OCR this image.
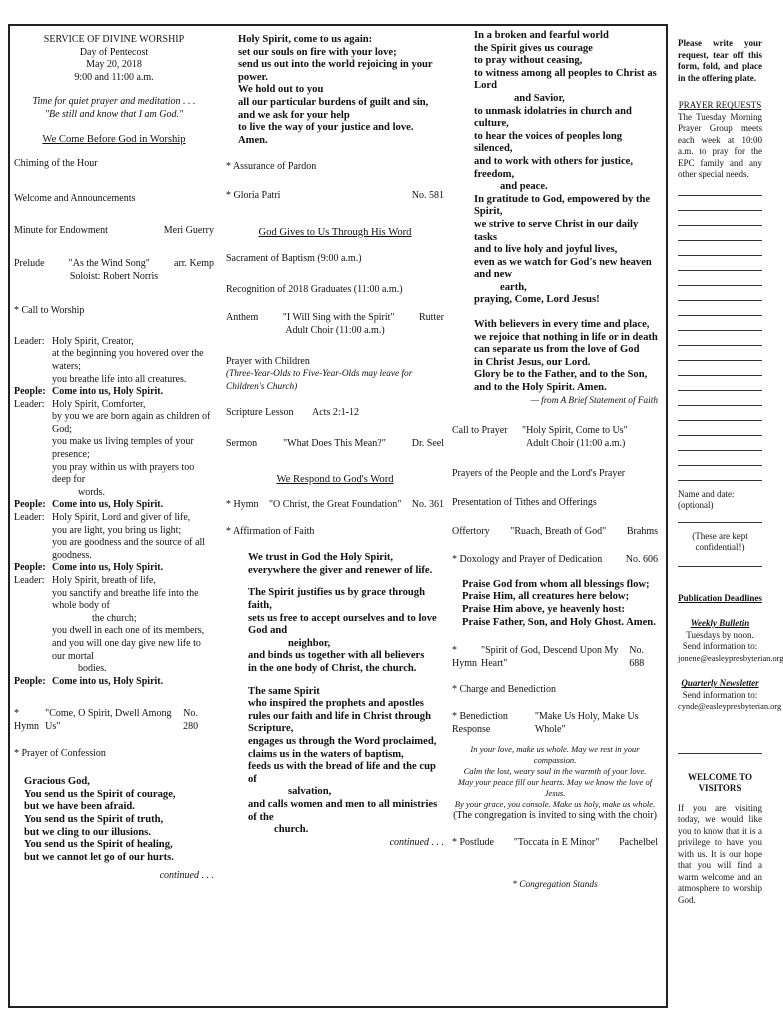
SERVICE OF DIVINE WORSHIP
Day of Pentecost
May 20, 2018
9:00 and 11:00 a.m.
Time for quiet prayer and meditation . . .
"Be still and know that I am God."
We Come Before God in Worship
Chiming of the Hour
Welcome and Announcements
Minute for Endowment	Meri Guerry
Prelude "As the Wind Song" arr. Kemp
Soloist: Robert Norris
* Call to Worship
Leader: Holy Spirit, Creator,
at the beginning you hovered over the waters;
you breathe life into all creatures.
People: Come into us, Holy Spirit.
Leader: Holy Spirit, Comforter,
by you we are born again as children of God;
you make us living temples of your presence;
you pray within us with prayers too deep for
words.
People: Come into us, Holy Spirit.
Leader: Holy Spirit, Lord and giver of life,
you are light, you bring us light;
you are goodness and the source of all goodness.
People: Come into us, Holy Spirit.
Leader: Holy Spirit, breath of life,
you sanctify and breathe life into the whole body of
the church;
you dwell in each one of its members,
and you will one day give new life to our mortal
bodies.
People: Come into us, Holy Spirit.
* Hymn
"Come, O Spirit, Dwell Among Us"
No. 280
* Prayer of Confession
Gracious God,
You send us the Spirit of courage,
but we have been afraid.
You send us the Spirit of truth,
but we cling to our illusions.
You send us the Spirit of healing,
but we cannot let go of our hurts.
continued . . .
Holy Spirit, come to us again:
set our souls on fire with your love;
send us out into the world rejoicing in your power.
We hold out to you
all our particular burdens of guilt and sin,
and we ask for your help
to live the way of your justice and love. Amen.
* Assurance of Pardon
* Gloria Patri	No. 581
God Gives to Us Through His Word
Sacrament of Baptism (9:00 a.m.)
Recognition of 2018 Graduates (11:00 a.m.)
Anthem "I Will Sing with the Spirit" Rutter
Adult Choir (11:00 a.m.)
Prayer with Children
(Three-Year-Olds to Five-Year-Olds may leave for Children's Church)
Scripture Lesson	Acts 2:1-12
Sermon	"What Does This Mean?"	Dr. Seel
We Respond to God's Word
* Hymn "O Christ, the Great Foundation" No. 361
* Affirmation of Faith
We trust in God the Holy Spirit,
everywhere the giver and renewer of life.
The Spirit justifies us by grace through faith,
sets us free to accept ourselves and to love God and
neighbor,
and binds us together with all believers
in the one body of Christ, the church.
The same Spirit
who inspired the prophets and apostles
rules our faith and life in Christ through Scripture,
engages us through the Word proclaimed,
claims us in the waters of baptism,
feeds us with the bread of life and the cup of
salvation,
and calls women and men to all ministries of the
church.
continued . . .
In a broken and fearful world
the Spirit gives us courage
to pray without ceasing,
to witness among all peoples to Christ as Lord
and Savior,
to unmask idolatries in church and culture,
to hear the voices of peoples long silenced,
and to work with others for justice, freedom,
and peace.
In gratitude to God, empowered by the Spirit,
we strive to serve Christ in our daily tasks
and to live holy and joyful lives,
even as we watch for God's new heaven and new
earth,
praying, Come, Lord Jesus!
With believers in every time and place,
we rejoice that nothing in life or in death
can separate us from the love of God
in Christ Jesus, our Lord.
Glory be to the Father, and to the Son,
and to the Holy Spirit. Amen.
— from A Brief Statement of Faith
Call to Prayer	"Holy Spirit, Come to Us"
Adult Choir (11:00 a.m.)
Prayers of the People and the Lord's Prayer
Presentation of Tithes and Offerings
Offertory "Ruach, Breath of God" Brahms
* Doxology and Prayer of Dedication No. 606
Praise God from whom all blessings flow;
Praise Him, all creatures here below;
Praise Him above, ye heavenly host:
Praise Father, Son, and Holy Ghost. Amen.
* Hymn
"Spirit of God, Descend Upon My Heart"
No. 688
* Charge and Benediction
* Benediction Response
"Make Us Holy, Make Us Whole"
In your love, make us whole. May we rest in your compassion.
Calm the lost, weary soul in the warmth of your love.
May your peace fill our hearts. May we know the love of Jesus.
By your grace, you console. Make us holy, make us whole.
(The congregation is invited to sing with the choir)
* Postlude "Toccata in E Minor" Pachelbel
* Congregation Stands
Please write your request, tear off this form, fold, and place in the offering plate.
PRAYER REQUESTS
The Tuesday Morning Prayer Group meets each week at 10:00 a.m. to pray for the EPC family and any other special needs.
Name and date: (optional)
(These are kept confidential!)
Publication Deadlines
Weekly Bulletin
Tuesdays by noon.
Send information to:
jonene@easleypresbyterian.org
Quarterly Newsletter
Send information to:
cynde@easleypresbyterian.org
WELCOME TO VISITORS
If you are visiting today, we would like you to know that it is a privilege to have you with us. It is our hope that you will find a warm welcome and an atmosphere to worship God.
